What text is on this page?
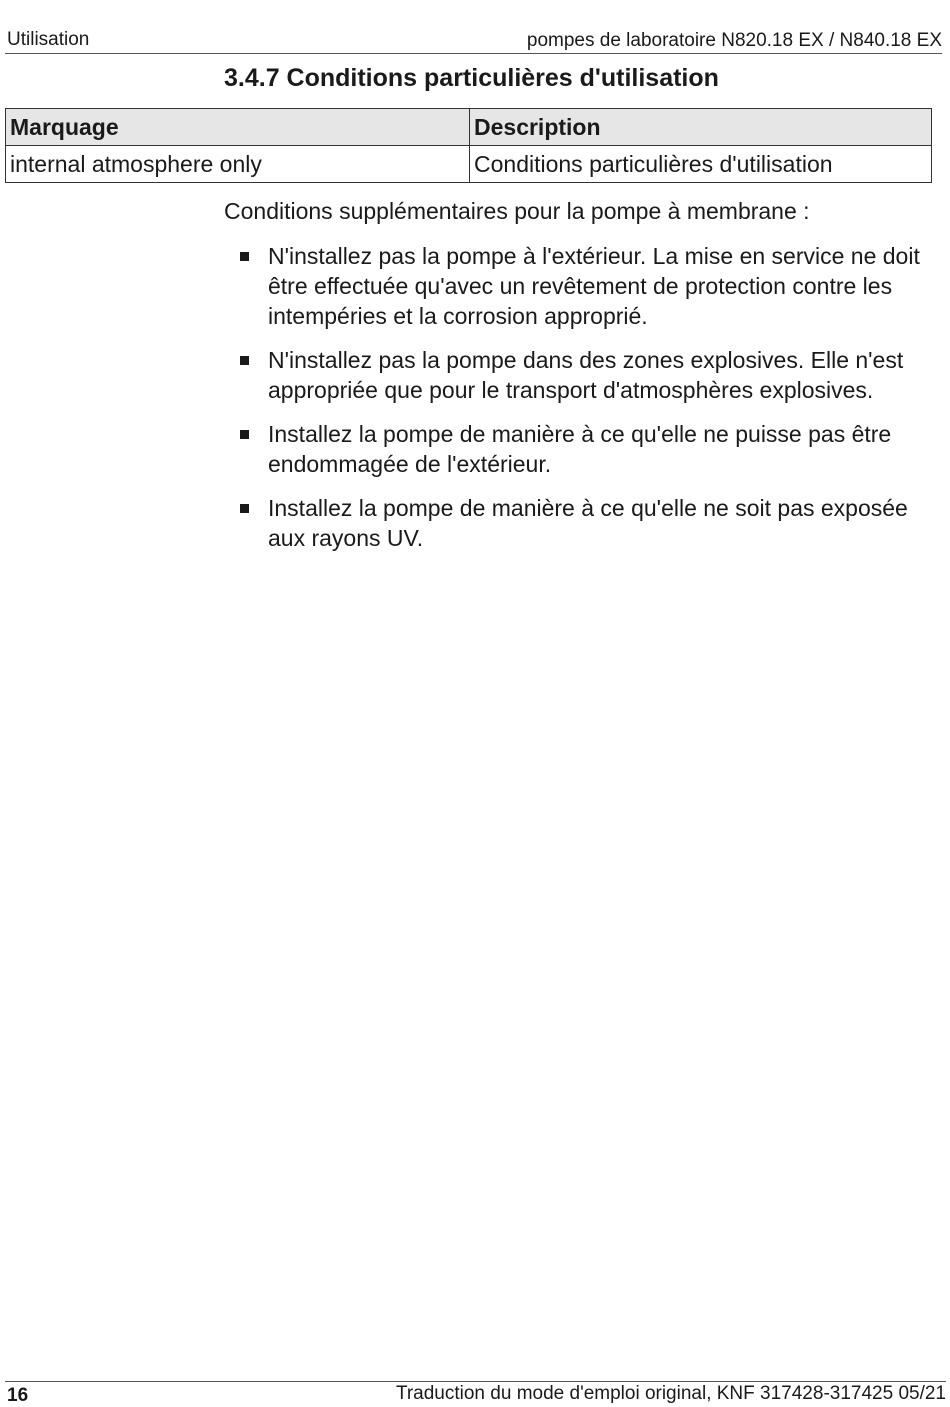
Utilisation	pompes de laboratoire N820.18 EX / N840.18 EX
3.4.7 Conditions particulières d'utilisation
Marquage	Description
internal atmosphere only	Conditions particulières d'utilisation

Conditions supplémentaires pour la pompe à membrane :

N'installez pas la pompe à l'extérieur. La mise en service ne doit être effectuée qu'avec un revêtement de protection contre les intempéries et la corrosion approprié.
N'installez pas la pompe dans des zones explosives. Elle n'est appropriée que pour le transport d'atmosphères explosives.
Installez la pompe de manière à ce qu'elle ne puisse pas être endommagée de l'extérieur.
Installez la pompe de manière à ce qu'elle ne soit pas exposée aux rayons UV.
16	Traduction du mode d'emploi original, KNF 317428-317425 05/21
